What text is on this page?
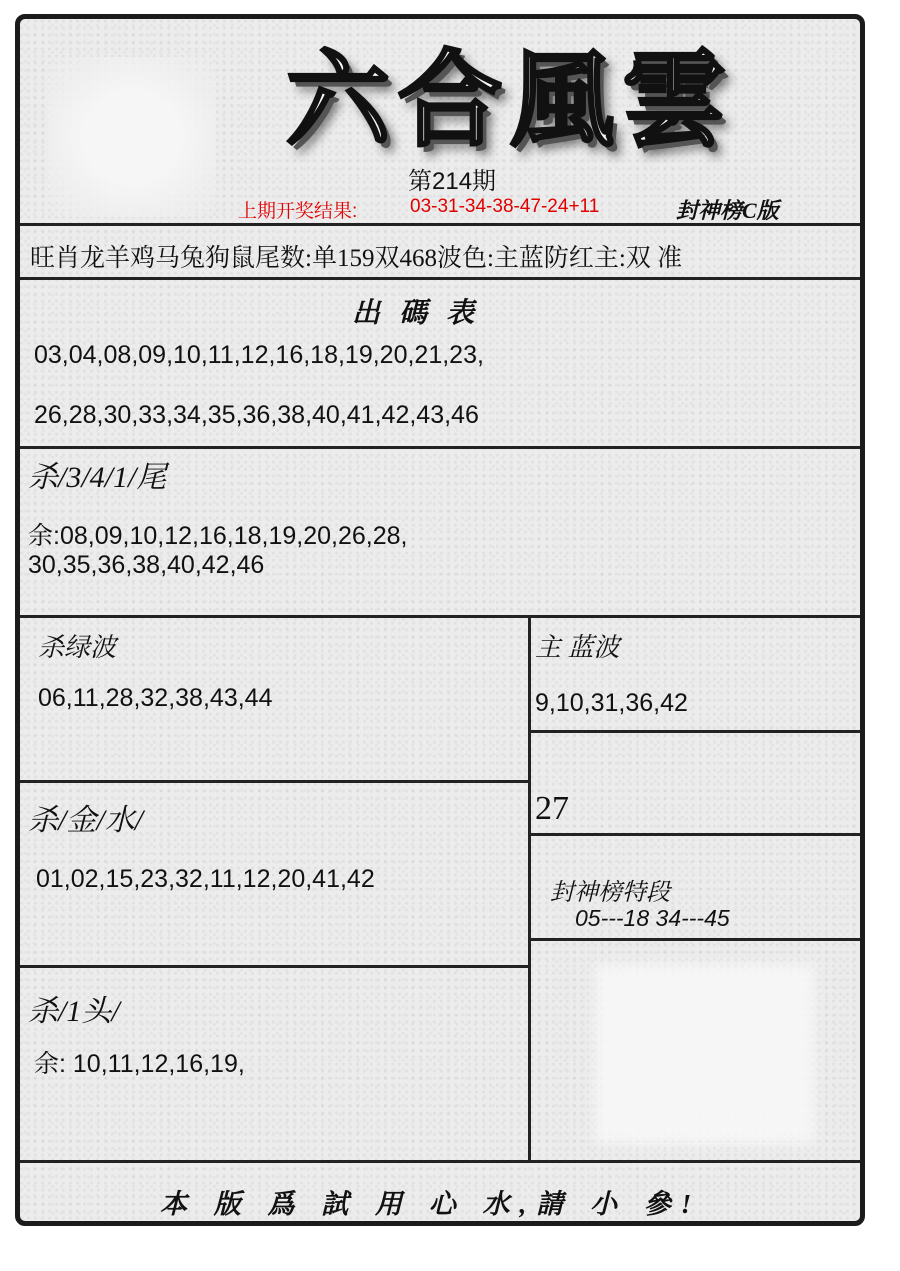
六合風雲
第214期
上期开奖结果:	03-31-34-38-47-24+11	封神榜C版
旺肖龙羊鸡马兔狗鼠尾数:单159双468波色:主蓝防红主:双 准
出 碼 表
03,04,08,09,10,11,12,16,18,19,20,21,23,
26,28,30,33,34,35,36,38,40,41,42,43,46
杀/3/4/1/尾
余:08,09,10,12,16,18,19,20,26,28,
30,35,36,38,40,42,46
杀绿波
06,11,28,32,38,43,44
主 蓝波
9,10,31,36,42
27
杀/金/水/
01,02,15,23,32,11,12,20,41,42	封神榜特段
05---18 34---45
杀/1头/
余: 10,11,12,16,19,
本 版 爲 試 用 心 水,請 小 參!
